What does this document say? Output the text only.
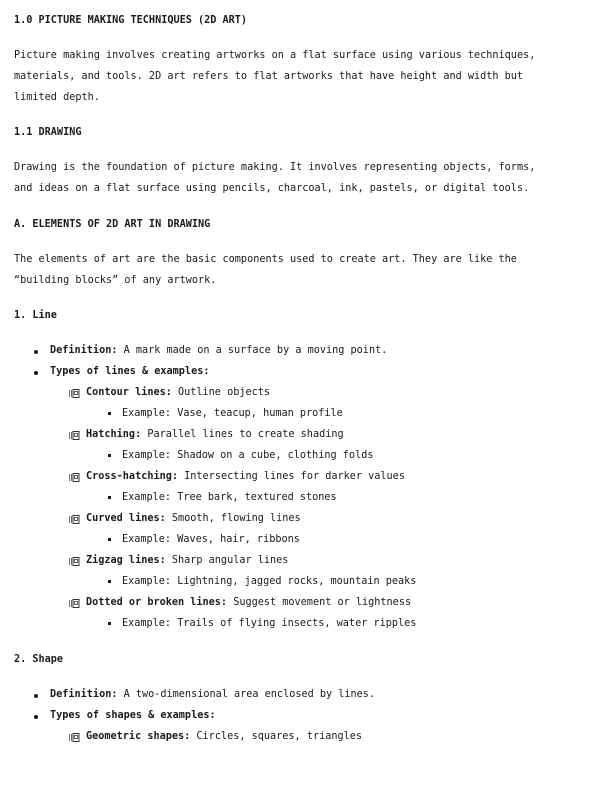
1.0 PICTURE MAKING TECHNIQUES (2D ART)
Picture making involves creating artworks on a flat surface using various techniques,
materials, and tools. 2D art refers to flat artworks that have height and width but
limited depth.
1.1 DRAWING
Drawing is the foundation of picture making. It involves representing objects, forms,
and ideas on a flat surface using pencils, charcoal, ink, pastels, or digital tools.
A. ELEMENTS OF 2D ART IN DRAWING
The elements of art are the basic components used to create art. They are like the
“building blocks” of any artwork.
1. Line
Definition: A mark made on a surface by a moving point.
Types of lines & examples:
Contour lines: Outline objects
Example: Vase, teacup, human profile
Hatching: Parallel lines to create shading
Example: Shadow on a cube, clothing folds
Cross-hatching: Intersecting lines for darker values
Example: Tree bark, textured stones
Curved lines: Smooth, flowing lines
Example: Waves, hair, ribbons
Zigzag lines: Sharp angular lines
Example: Lightning, jagged rocks, mountain peaks
Dotted or broken lines: Suggest movement or lightness
Example: Trails of flying insects, water ripples
2. Shape
Definition: A two-dimensional area enclosed by lines.
Types of shapes & examples:
Geometric shapes: Circles, squares, triangles
